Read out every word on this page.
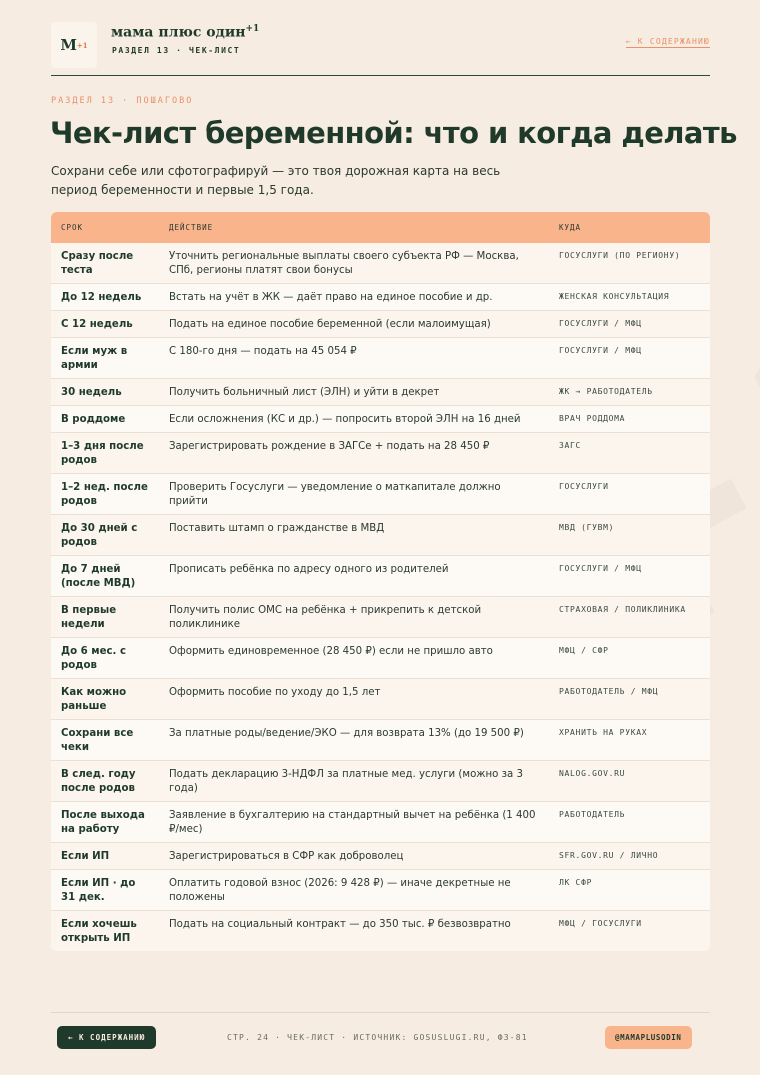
М +1
мама плюс один$^{+1}$
РАЗДЕЛ 13 · ЧЕК-ЛИСТ
← К СОДЕРЖАНИЮ
РАЗДЕЛ 13 · ПОШАГОВО
Чек-лист беременной: что и когда делать

Сохрани себе или сфотографируй — это твоя дорожная карта на весь период беременности и первые 1,5 года.

СРОК	ДЕЙСТВИЕ	КУДА
Сразу после теста	Уточнить региональные выплаты своего субъекта РФ — Москва, СПб, регионы платят свои бонусы	ГОСУСЛУГИ (ПО РЕГИОНУ)
До 12 недель	Встать на учёт в ЖК — даёт право на единое пособие и др.	ЖЕНСКАЯ КОНСУЛЬТАЦИЯ
С 12 недель	Подать на единое пособие беременной (если малоимущая)	ГОСУСЛУГИ / МФЦ
Если муж в армии	С 180-го дня — подать на 45 054 ₽	ГОСУСЛУГИ / МФЦ
30 недель	Получить больничный лист (ЭЛН) и уйти в декрет	ЖК → РАБОТОДАТЕЛЬ
В роддоме	Если осложнения (КС и др.) — попросить второй ЭЛН на 16 дней	ВРАЧ РОДДОМА
1–3 дня после родов	Зарегистрировать рождение в ЗАГСе + подать на 28 450 ₽	ЗАГС
1–2 нед. после родов	Проверить Госуслуги — уведомление о маткапитале должно прийти	ГОСУСЛУГИ
До 30 дней с родов	Поставить штамп о гражданстве в МВД	МВД (ГУВМ)
До 7 дней (после МВД)	Прописать ребёнка по адресу одного из родителей	ГОСУСЛУГИ / МФЦ
В первые недели	Получить полис ОМС на ребёнка + прикрепить к детской поликлинике	СТРАХОВАЯ / ПОЛИКЛИНИКА
До 6 мес. с родов	Оформить единовременное (28 450 ₽) если не пришло авто	МФЦ / СФР
Как можно раньше	Оформить пособие по уходу до 1,5 лет	РАБОТОДАТЕЛЬ / МФЦ
Сохрани все чеки	За платные роды/ведение/ЭКО — для возврата 13% (до 19 500 ₽)	ХРАНИТЬ НА РУКАХ
В след. году после родов	Подать декларацию 3-НДФЛ за платные мед. услуги (можно за 3 года)	NALOG.GOV.RU
После выхода на работу	Заявление в бухгалтерию на стандартный вычет на ребёнка (1 400 ₽/мес)	РАБОТОДАТЕЛЬ
Если ИП	Зарегистрироваться в СФР как доброволец	SFR.GOV.RU / ЛИЧНО
Если ИП · до 31 дек.	Оплатить годовой взнос (2026: 9 428 ₽) — иначе декретные не положены	ЛК СФР
Если хочешь открыть ИП	Подать на социальный контракт — до 350 тыс. ₽ безвозвратно	МФЦ / ГОСУСЛУГИ
← К СОДЕРЖАНИЮ	СТР. 24 · ЧЕК-ЛИСТ · ИСТОЧНИК: GOSUSLUGI.RU, ФЗ-81	@MAMAPLUSODIN
